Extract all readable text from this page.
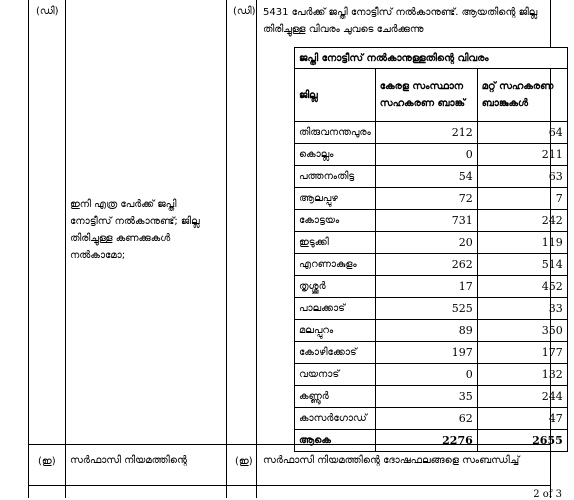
(ഡി)
ഇനി എത്ര പേർക്ക് ജപ്തി നോട്ടീസ് നൽകാനുണ്ട്; ജില്ല തിരിച്ചുള്ള കണക്കുകൾ നൽകാമോ;
(ഡി) 5431 പേർക്ക് ജപ്തി നോട്ടീസ് നൽകാനുണ്ട്. ആയതിന്റെ ജില്ല തിരിച്ചുള്ള വിവരം ചുവടെ ചേർക്കുന്നു
ജപ്തി നോട്ടീസ് നൽകാനുള്ളതിന്റെ വിവരം		
ജില്ല	കേരള സംസ്ഥാന സഹകരണ ബാങ്ക്	മറ്റ് സഹകരണ ബാങ്കുകൾ
തിരുവനന്തപുരം	212	64
കൊല്ലം	0	211
പത്തനംതിട്ട	54	63
ആലപ്പുഴ	72	7
കോട്ടയം	731	242
ഇടുക്കി	20	119
എറണാകുളം	262	514
തൃശ്ശൂർ	17	452
പാലക്കാട്	525	33
മലപ്പുറം	89	350
കോഴിക്കോട്	197	177
വയനാട്	0	132
കണ്ണൂർ	35	244
കാസർഗോഡ്	62	47
ആകെ	2276	2655
(ഇ) സർഫാസി നിയമത്തിന്റെ	(ഇ) സർഫാസി നിയമത്തിന്റെ ദോഷഫലങ്ങളെ സംബന്ധിച്ച്
2 of 3
